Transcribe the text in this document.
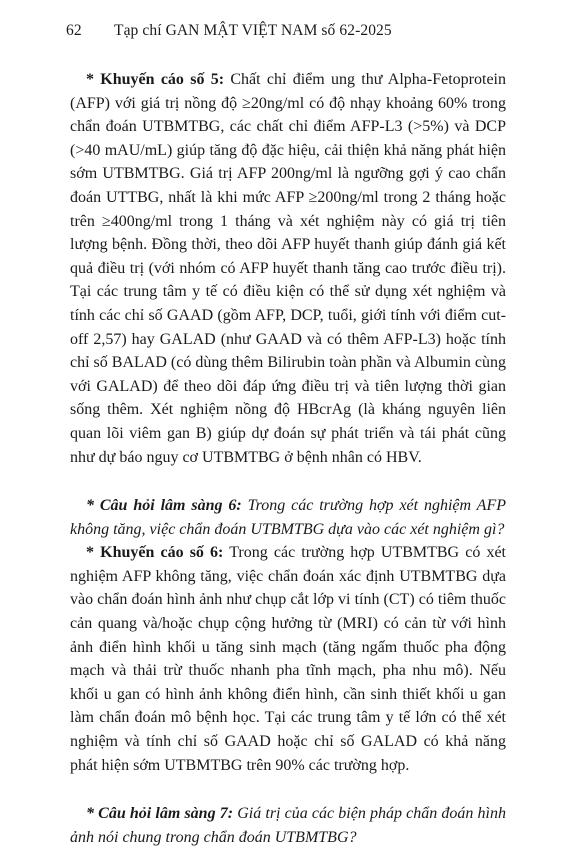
62	Tạp chí GAN MẬT VIỆT NAM số 62-2025

* Khuyến cáo số 5: Chất chỉ điểm ung thư Alpha-Fetoprotein (AFP) với giá trị nồng độ ≥20ng/ml có độ nhạy khoảng 60% trong chẩn đoán UTBMTBG, các chất chỉ điểm AFP-L3 (>5%) và DCP (>40 mAU/mL) giúp tăng độ đặc hiệu, cải thiện khả năng phát hiện sớm UTBMTBG. Giá trị AFP 200ng/ml là ngưỡng gợi ý cao chẩn đoán UTTBG, nhất là khi mức AFP ≥200ng/ml trong 2 tháng hoặc trên ≥400ng/ml trong 1 tháng và xét nghiệm này có giá trị tiên lượng bệnh. Đồng thời, theo dõi AFP huyết thanh giúp đánh giá kết quả điều trị (với nhóm có AFP huyết thanh tăng cao trước điều trị). Tại các trung tâm y tế có điều kiện có thể sử dụng xét nghiệm và tính các chỉ số GAAD (gồm AFP, DCP, tuổi, giới tính với điểm cut-off 2,57) hay GALAD (như GAAD và có thêm AFP-L3) hoặc tính chỉ số BALAD (có dùng thêm Bilirubin toàn phần và Albumin cùng với GALAD) để theo dõi đáp ứng điều trị và tiên lượng thời gian sống thêm. Xét nghiệm nồng độ HBcrAg (là kháng nguyên liên quan lõi viêm gan B) giúp dự đoán sự phát triển và tái phát cũng như dự báo nguy cơ UTBMTBG ở bệnh nhân có HBV.

* Câu hỏi lâm sàng 6: Trong các trường hợp xét nghiệm AFP không tăng, việc chẩn đoán UTBMTBG dựa vào các xét nghiệm gì?

* Khuyến cáo số 6: Trong các trường hợp UTBMTBG có xét nghiệm AFP không tăng, việc chẩn đoán xác định UTBMTBG dựa vào chẩn đoán hình ảnh như chụp cắt lớp vi tính (CT) có tiêm thuốc cản quang và/hoặc chụp cộng hưởng từ (MRI) có cản từ với hình ảnh điển hình khối u tăng sinh mạch (tăng ngấm thuốc pha động mạch và thải trừ thuốc nhanh pha tĩnh mạch, pha nhu mô). Nếu khối u gan có hình ảnh không điển hình, cần sinh thiết khối u gan làm chẩn đoán mô bệnh học. Tại các trung tâm y tế lớn có thể xét nghiệm và tính chỉ số GAAD hoặc chỉ số GALAD có khả năng phát hiện sớm UTBMTBG trên 90% các trường hợp.

* Câu hỏi lâm sàng 7: Giá trị của các biện pháp chẩn đoán hình ảnh nói chung trong chẩn đoán UTBMTBG?
